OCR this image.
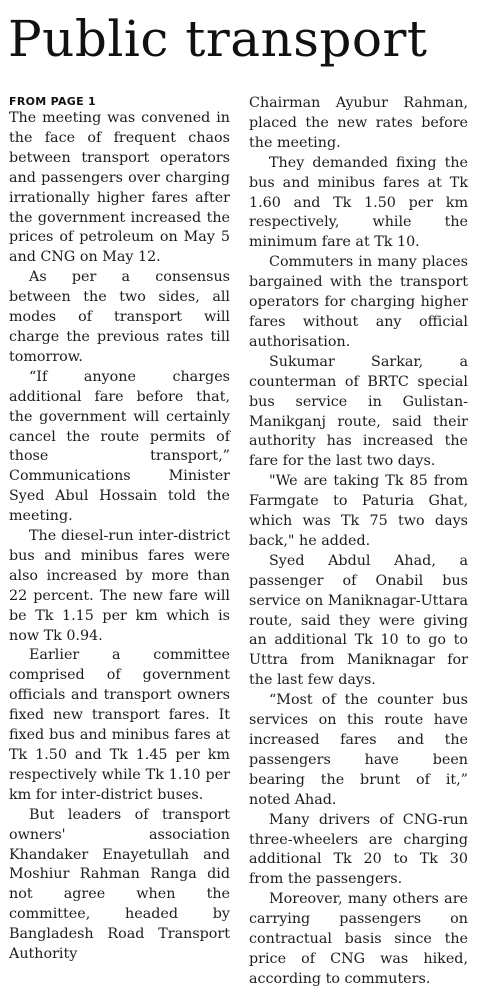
Public transport
FROM PAGE 1

The meeting was convened in the face of frequent chaos between transport operators and passengers over charging irrationally higher fares after the government increased the prices of petroleum on May 5 and CNG on May 12.

As per a consensus between the two sides, all modes of transport will charge the previous rates till tomorrow.

“If anyone charges additional fare before that, the government will certainly cancel the route permits of those transport,” Communications Minister Syed Abul Hossain told the meeting.

The diesel-run inter-district bus and minibus fares were also increased by more than 22 percent. The new fare will be Tk 1.15 per km which is now Tk 0.94.

Earlier a committee comprised of government officials and transport owners fixed new transport fares. It fixed bus and minibus fares at Tk 1.50 and Tk 1.45 per km respectively while Tk 1.10 per km for inter-district buses.

But leaders of transport owners' association Khandaker Enayetullah and Moshiur Rahman Ranga did not agree when the committee, headed by Bangladesh Road Transport Authority

Chairman Ayubur Rahman, placed the new rates before the meeting.

They demanded fixing the bus and minibus fares at Tk 1.60 and Tk 1.50 per km respectively, while the minimum fare at Tk 10.

Commuters in many places bargained with the transport operators for charging higher fares without any official authorisation.

Sukumar Sarkar, a counterman of BRTC special bus service in Gulistan-Manikganj route, said their authority has increased the fare for the last two days.

"We are taking Tk 85 from Farmgate to Paturia Ghat, which was Tk 75 two days back," he added.

Syed Abdul Ahad, a passenger of Onabil bus service on Maniknagar-Uttara route, said they were giving an additional Tk 10 to go to Uttra from Maniknagar for the last few days.

“Most of the counter bus services on this route have increased fares and the passengers have been bearing the brunt of it,” noted Ahad.

Many drivers of CNG-run three-wheelers are charging additional Tk 20 to Tk 30 from the passengers.

Moreover, many others are carrying passengers on contractual basis since the price of CNG was hiked, according to commuters.
